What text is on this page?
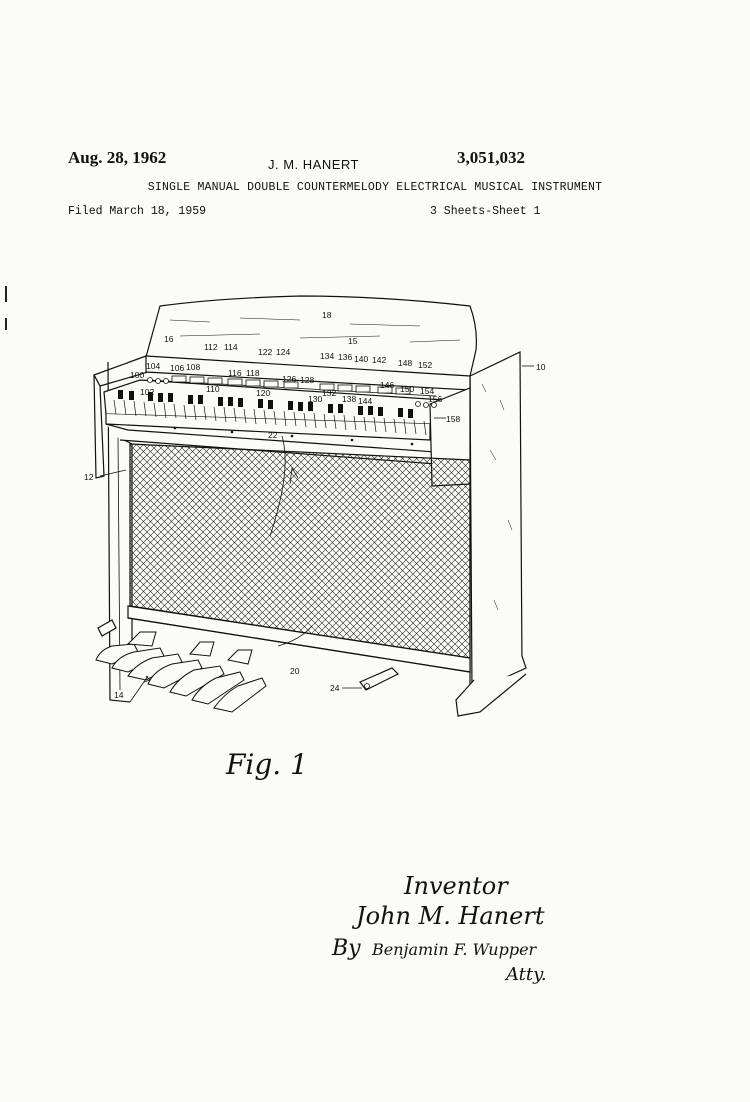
Aug. 28, 1962	J. M. HANERT	3,051,032
SINGLE MANUAL DOUBLE COUNTERMELODY ELECTRICAL MUSICAL INSTRUMENT
Filed March 18, 1959	3 Sheets-Sheet 1
16
112 114 122 124
15
134 136 140 142 148 152
104 106 108
116 118
126 128	146 150 154
156
100
102	110	120
130
132
138 144
18
10
158
12
22
20
14
24
Fig. 1
Inventor
John M. Hanert
By Benjamin F. Wupper
Atty.
